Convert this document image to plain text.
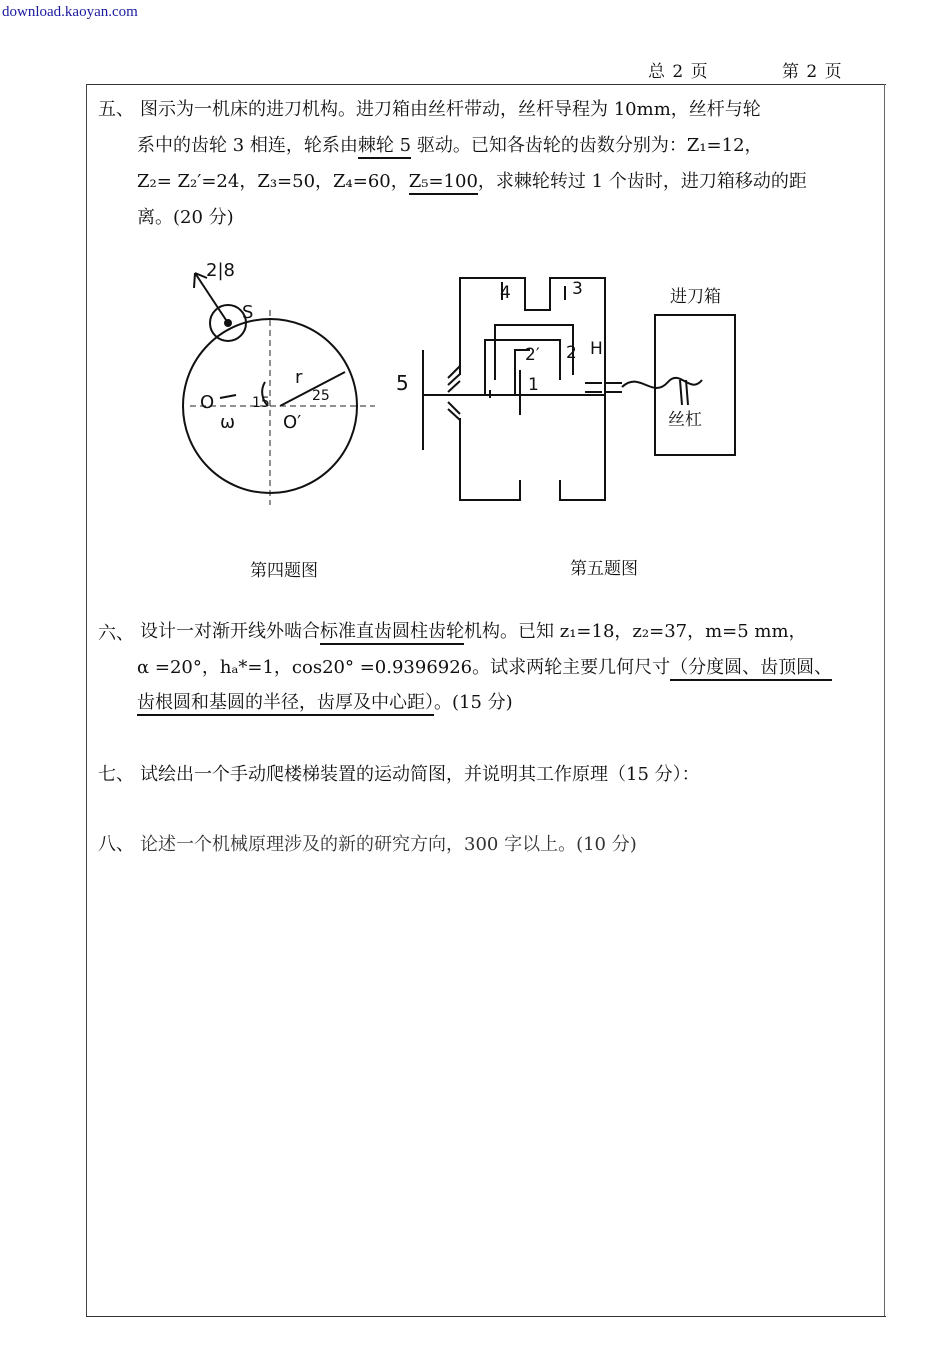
download.kaoyan.com
总 2 页	第 2 页
五、 图示为一机床的进刀机构。进刀箱由丝杆带动，丝杆导程为 10mm，丝杆与轮
系中的齿轮 3 相连，轮系由棘轮 5 驱动。已知各齿轮的齿数分别为：Z₁=12，
Z₂= Z₂′=24，Z₃=50，Z₄=60，Z₅=100，求棘轮转过 1 个齿时，进刀箱移动的距
离。(20 分)
2|8
S
O
ω
15
r
25
O′
4	3
2′ 2 H
1
5
进刀箱
丝杠
第四题图	第五题图
六、 设计一对渐开线外啮合标准直齿圆柱齿轮机构。已知 z₁=18，z₂=37，m=5 mm，
α =20°，hₐ*=1，cos20° =0.9396926。试求两轮主要几何尺寸（分度圆、齿顶圆、
齿根圆和基圆的半径，齿厚及中心距）。(15 分)
七、 试绘出一个手动爬楼梯装置的运动简图，并说明其工作原理（15 分）：
八、 论述一个机械原理涉及的新的研究方向，300 字以上。(10 分)
